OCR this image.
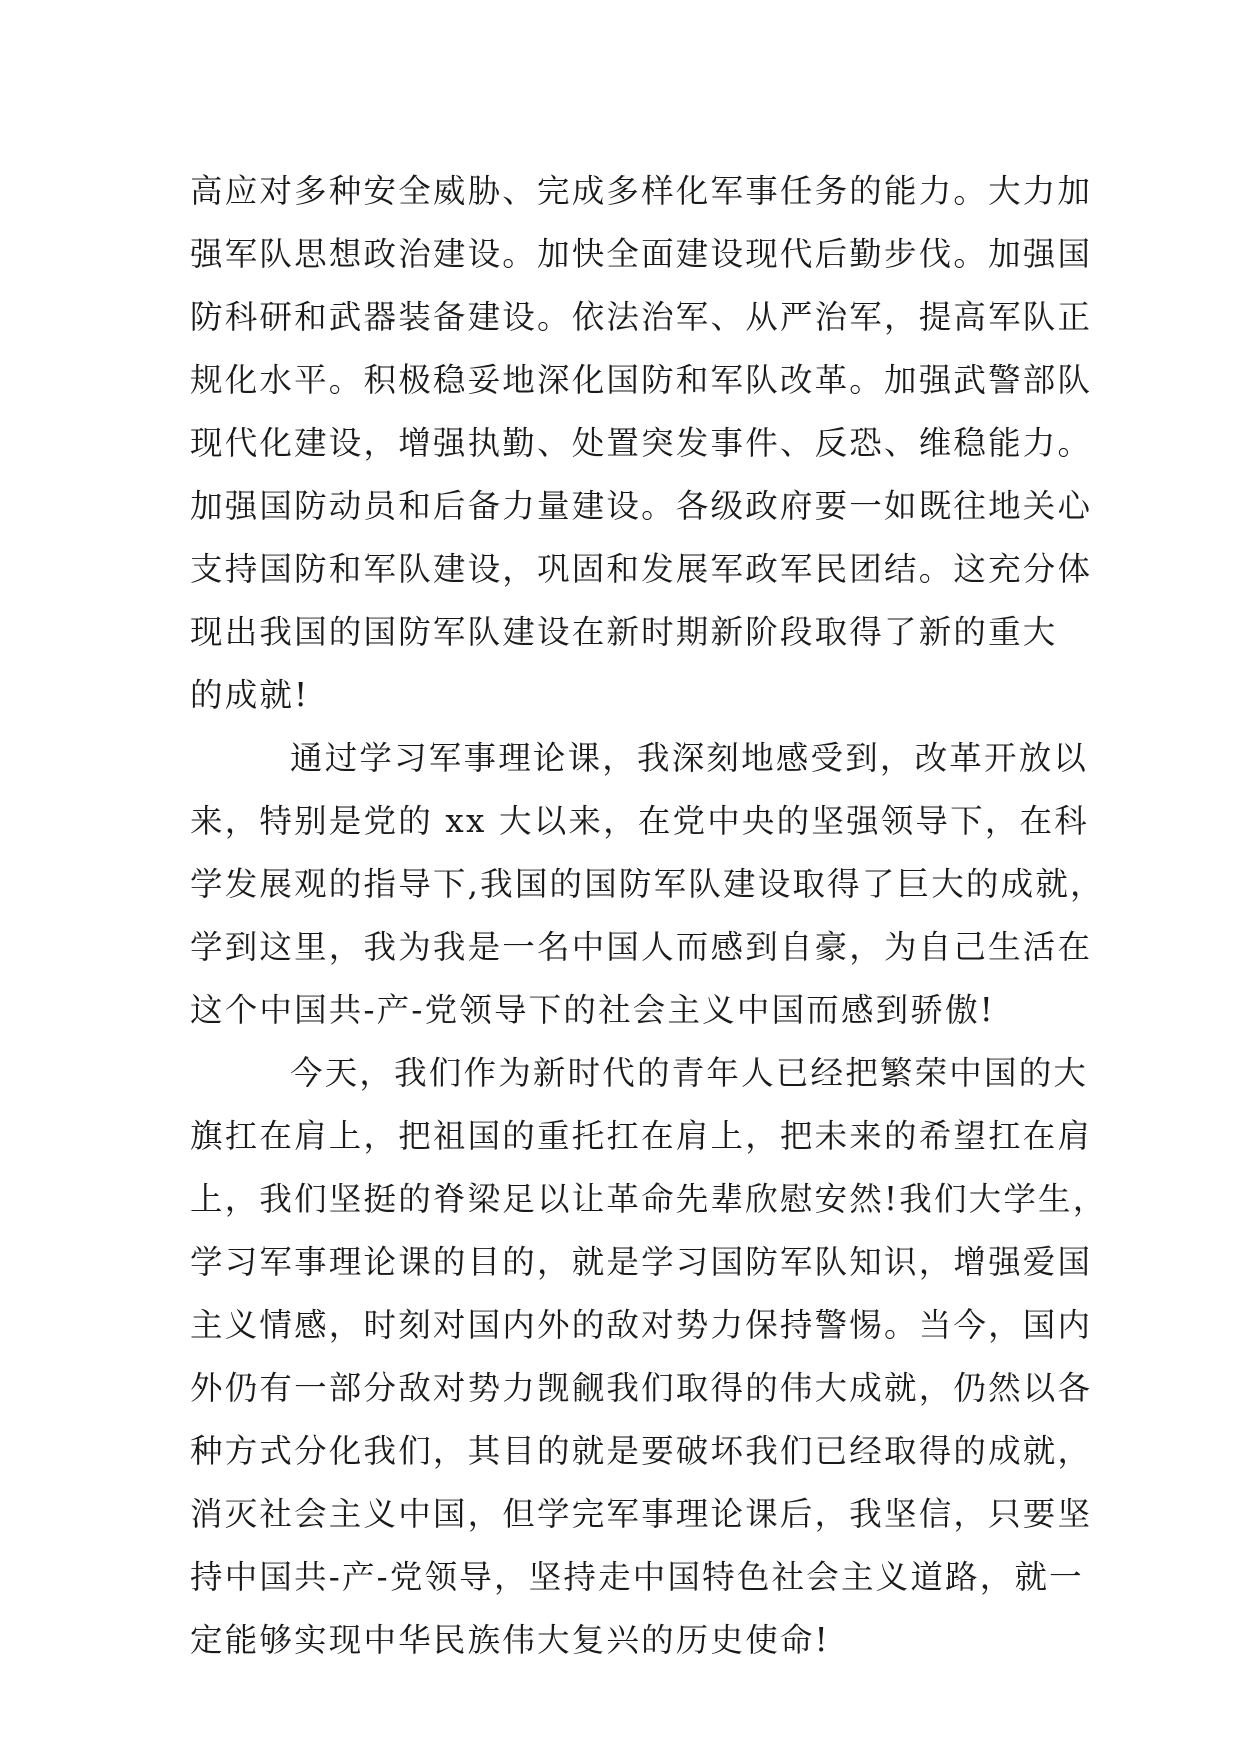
高应对多种安全威胁、完成多样化军事任务的能力。大力加
强军队思想政治建设。加快全面建设现代后勤步伐。加强国
防科研和武器装备建设。依法治军、从严治军，提高军队正
规化水平。积极稳妥地深化国防和军队改革。加强武警部队
现代化建设，增强执勤、处置突发事件、反恐、维稳能力。
加强国防动员和后备力量建设。各级政府要一如既往地关心
支持国防和军队建设，巩固和发展军政军民团结。这充分体
现出我国的国防军队建设在新时期新阶段取得了新的重大
的成就!
通过学习军事理论课，我深刻地感受到，改革开放以
来，特别是党的 xx 大以来，在党中央的坚强领导下，在科
学发展观的指导下,我国的国防军队建设取得了巨大的成就，
学到这里，我为我是一名中国人而感到自豪，为自己生活在
这个中国共-产-党领导下的社会主义中国而感到骄傲!
今天，我们作为新时代的青年人已经把繁荣中国的大
旗扛在肩上，把祖国的重托扛在肩上，把未来的希望扛在肩
上，我们坚挺的脊梁足以让革命先辈欣慰安然!我们大学生，
学习军事理论课的目的，就是学习国防军队知识，增强爱国
主义情感，时刻对国内外的敌对势力保持警惕。当今，国内
外仍有一部分敌对势力觊觎我们取得的伟大成就，仍然以各
种方式分化我们，其目的就是要破坏我们已经取得的成就，
消灭社会主义中国，但学完军事理论课后，我坚信，只要坚
持中国共-产-党领导，坚持走中国特色社会主义道路，就一
定能够实现中华民族伟大复兴的历史使命!
